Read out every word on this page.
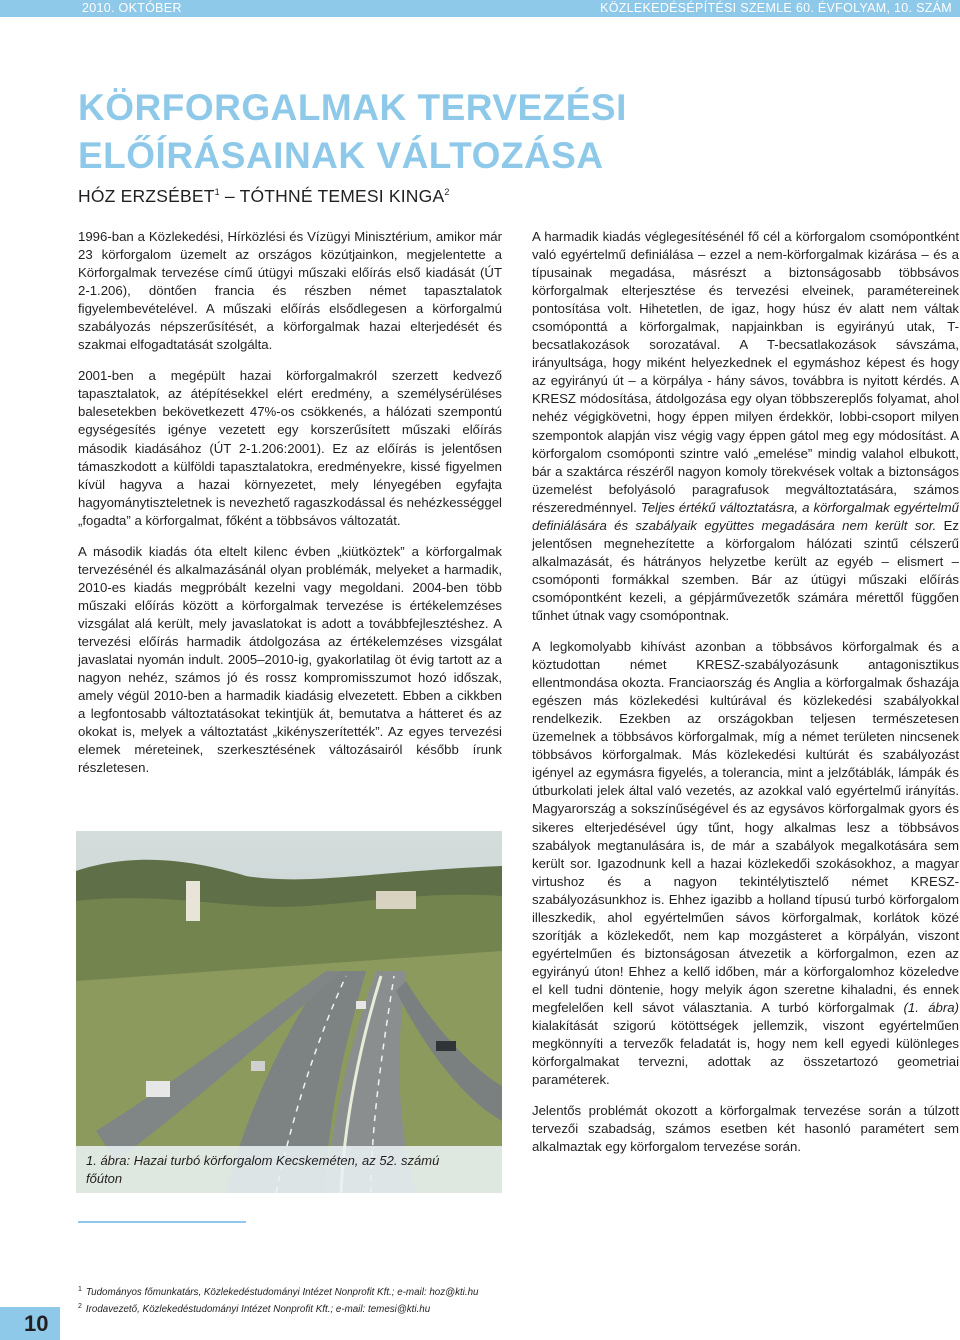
2010. OKTÓBER	KÖZLEKEDÉSÉPÍTÉSI SZEMLE 60. ÉVFOLYAM, 10. SZÁM
KÖRFORGALMAK TERVEZÉSI
ELŐÍRÁSAINAK VÁLTOZÁSA
HÓZ ERZSÉBET$^1$ – TÓTHNÉ TEMESI KINGA$^2$

1996-ban a Közlekedési, Hírközlési és Vízügyi Minisztérium, amikor már 23 körforgalom üzemelt az országos közútjainkon, megjelentette a Körforgalmak tervezése című útügyi műszaki előírás első kiadását (ÚT 2-1.206), döntően francia és részben német tapasztalatok figyelembevételével. A műszaki előírás elsődlegesen a körforgalmú szabályozás népszerűsítését, a körforgalmak hazai elterjedését és szakmai elfogadtatását szolgálta.

2001-ben a megépült hazai körforgalmakról szerzett kedvező tapasztalatok, az átépítésekkel elért eredmény, a személysérüléses balesetekben bekövetkezett 47%-os csökkenés, a hálózati szempontú egységesítés igénye vezetett egy korszerűsített műszaki előírás második kiadásához (ÚT 2-1.206:2001). Ez az előírás is jelentősen támaszkodott a külföldi tapasztalatokra, eredményekre, kissé figyelmen kívül hagyva a hazai környezetet, mely lényegében egyfajta hagyománytiszteletnek is nevezhető ragaszkodással és nehézkességgel „fogadta” a körforgalmat, főként a többsávos változatát.

A második kiadás óta eltelt kilenc évben „kiütköztek” a körforgalmak tervezésénél és alkalmazásánál olyan problémák, melyeket a harmadik, 2010-es kiadás megpróbált kezelni vagy megoldani. 2004-ben több műszaki előírás között a körforgalmak tervezése is értékelemzéses vizsgálat alá került, mely javaslatokat is adott a továbbfejlesztéshez. A tervezési előírás harmadik átdolgozása az értékelemzéses vizsgálat javaslatai nyomán indult. 2005–2010-ig, gyakorlatilag öt évig tartott az a nagyon nehéz, számos jó és rossz kompromisszumot hozó időszak, amely végül 2010-ben a harmadik kiadásig elvezetett. Ebben a cikkben a legfontosabb változtatásokat tekintjük át, bemutatva a hátteret és az okokat is, melyek a változtatást „kikényszerítették”. Az egyes tervezési elemek méreteinek, szerkesztésének változásairól később írunk részletesen.

1. ábra: Hazai turbó körforgalom Kecskeméten, az 52. számú
főúton

A harmadik kiadás véglegesítésénél fő cél a körforgalom csomópontként való egyértelmű definiálása – ezzel a nem-körforgalmak kizárása – és a típusainak megadása, másrészt a biztonságosabb többsávos körforgalmak elterjesztése és tervezési elveinek, paramétereinek pontosítása volt. Hihetetlen, de igaz, hogy húsz év alatt nem váltak csomóponttá a körforgalmak, napjainkban is egyirányú utak, T-becsatlakozások sorozatával. A T-becsatlakozások sávszáma, irányultsága, hogy miként helyezkednek el egymáshoz képest és hogy az egyirányú út – a körpálya - hány sávos, továbbra is nyitott kérdés. A KRESZ módosítása, átdolgozása egy olyan többszereplős folyamat, ahol nehéz végigkövetni, hogy éppen milyen érdekkör, lobbi-csoport milyen szempontok alapján visz végig vagy éppen gátol meg egy módosítást. A körforgalom csomóponti szintre való „emelése” mindig valahol elbukott, bár a szaktárca részéről nagyon komoly törekvések voltak a biztonságos üzemelést befolyásoló paragrafusok megváltoztatására, számos részeredménnyel. Teljes értékű változtatásra, a körforgalmak egyértelmű definiálására és szabályaik együttes megadására nem került sor. Ez jelentősen megnehezítette a körforgalom hálózati szintű célszerű alkalmazását, és hátrányos helyzetbe került az egyéb – elismert – csomóponti formákkal szemben. Bár az útügyi műszaki előírás csomópontként kezeli, a gépjárművezetők számára mérettől függően tűnhet útnak vagy csomópontnak.

A legkomolyabb kihívást azonban a többsávos körforgalmak és a köztudottan német KRESZ-szabályozásunk antagonisztikus ellentmondása okozta. Franciaország és Anglia a körforgalmak őshazája egészen más közlekedési kultúrával és közlekedési szabályokkal rendelkezik. Ezekben az országokban teljesen természetesen üzemelnek a többsávos körforgalmak, míg a német területen nincsenek többsávos körforgalmak. Más közlekedési kultúrát és szabályozást igényel az egymásra figyelés, a tolerancia, mint a jelzőtáblák, lámpák és útburkolati jelek által való vezetés, az azokkal való egyértelmű irányítás. Magyarország a sokszínűségével és az egysávos körforgalmak gyors és sikeres elterjedésével úgy tűnt, hogy alkalmas lesz a többsávos szabályok megtanulására is, de már a szabályok megalkotására sem került sor. Igazodnunk kell a hazai közlekedői szokásokhoz, a magyar virtushoz és a nagyon tekintélytisztelő német KRESZ-szabályozásunkhoz is. Ehhez igazibb a holland típusú turbó körforgalom illeszkedik, ahol egyértelműen sávos körforgalmak, korlátok közé szorítják a közlekedőt, nem kap mozgásteret a körpályán, viszont egyértelműen és biztonságosan átvezetik a körforgalmon, ezen az egyirányú úton! Ehhez a kellő időben, már a körforgalomhoz közeledve el kell tudni döntenie, hogy melyik ágon szeretne kihaladni, és ennek megfelelően kell sávot választania. A turbó körforgalmak (1. ábra) kialakítását szigorú kötöttségek jellemzik, viszont egyértelműen megkönnyíti a tervezők feladatát is, hogy nem kell egyedi különleges körforgalmakat tervezni, adottak az összetartozó geometriai paraméterek.

Jelentős problémát okozott a körforgalmak tervezése során a túlzott tervezői szabadság, számos esetben két hasonló paramétert sem alkalmaztak egy körforgalom tervezése során.

$^1$ Tudományos főmunkatárs, Közlekedéstudományi Intézet Nonprofit Kft.; e-mail: hoz@kti.hu
$^2$ Irodavezető, Közlekedéstudományi Intézet Nonprofit Kft.; e-mail: temesi@kti.hu
10
